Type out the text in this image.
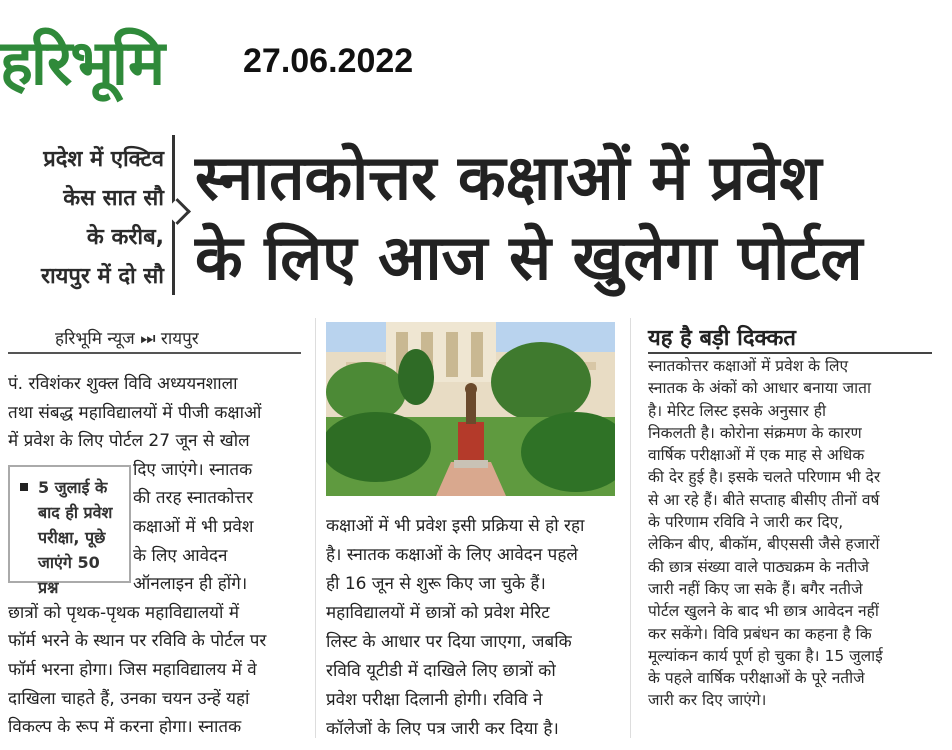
हरिभूमि 27.06.2022
प्रदेश में एक्टिव
केस सात सौ
के करीब,
रायपुर में दो सौ
स्नातकोत्तर कक्षाओं में प्रवेश
के लिए आज से खुलेगा पोर्टल
हरिभूमि न्यूज ⏭ रायपुर

पं. रविशंकर शुक्ल विवि अध्ययनशाला

तथा संबद्ध महाविद्यालयों में पीजी कक्षाओं

में प्रवेश के लिए पोर्टल 27 जून से खोल

दिए जाएंगे। स्नातक

की तरह स्नातकोत्तर

कक्षाओं में भी प्रवेश

के लिए आवेदन

ऑनलाइन ही होंगे।

छात्रों को पृथक-पृथक महाविद्यालयों में

फॉर्म भरने के स्थान पर रविवि के पोर्टल पर

फॉर्म भरना होगा। जिस महाविद्यालय में वे

दाखिला चाहते हैं, उनका चयन उन्हें यहां

विकल्प के रूप में करना होगा। स्नातक

5 जुलाई के
बाद ही प्रवेश
परीक्षा, पूछे
जाएंगे 50 प्रश्न

कक्षाओं में भी प्रवेश इसी प्रक्रिया से हो रहा

है। स्नातक कक्षाओं के लिए आवेदन पहले

ही 16 जून से शुरू किए जा चुके हैं।

महाविद्यालयों में छात्रों को प्रवेश मेरिट

लिस्ट के आधार पर दिया जाएगा, जबकि

रविवि यूटीडी में दाखिले लिए छात्रों को

प्रवेश परीक्षा दिलानी होगी। रविवि ने

कॉलेजों के लिए पत्र जारी कर दिया है।

यह है बड़ी दिक्कत

स्नातकोत्तर कक्षाओं में प्रवेश के लिए

स्नातक के अंकों को आधार बनाया जाता

है। मेरिट लिस्ट इसके अनुसार ही

निकलती है। कोरोना संक्रमण के कारण

वार्षिक परीक्षाओं में एक माह से अधिक

की देर हुई है। इसके चलते परिणाम भी देर

से आ रहे हैं। बीते सप्ताह बीसीए तीनों वर्ष

के परिणाम रविवि ने जारी कर दिए,

लेकिन बीए, बीकॉम, बीएससी जैसे हजारों

की छात्र संख्या वाले पाठ्यक्रम के नतीजे

जारी नहीं किए जा सके हैं। बगैर नतीजे

पोर्टल खुलने के बाद भी छात्र आवेदन नहीं

कर सकेंगे। विवि प्रबंधन का कहना है कि

मूल्यांकन कार्य पूर्ण हो चुका है। 15 जुलाई

के पहले वार्षिक परीक्षाओं के पूरे नतीजे

जारी कर दिए जाएंगे।
